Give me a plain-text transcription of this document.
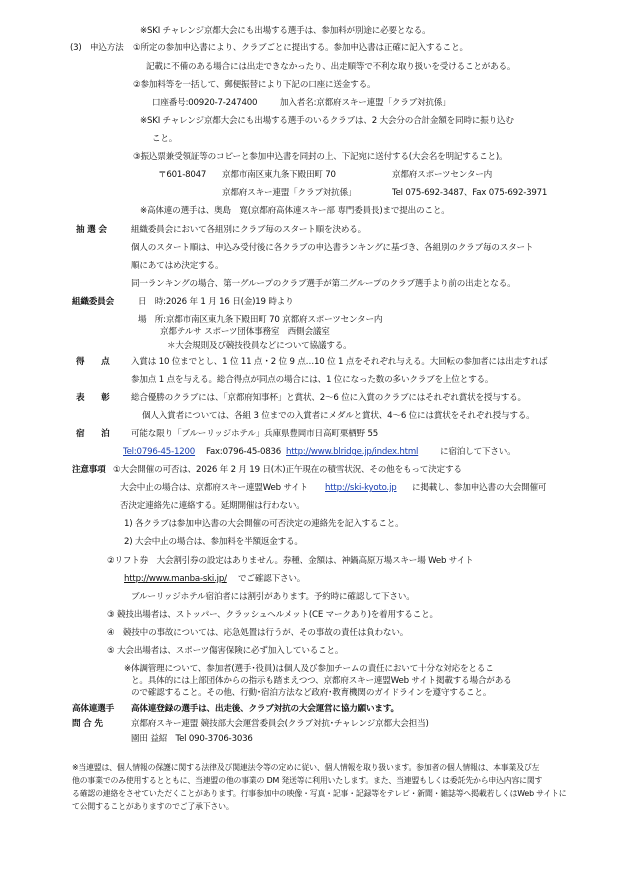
※SKI チャレンジ京都大会にも出場する選手は、参加料が別途に必要となる。
(3)　申込方法 ①所定の参加申込書により、クラブごとに提出する。参加申込書は正確に記入すること。
記載に不備のある場合には出走できなかったり、出走順等で不利な取り扱いを受けることがある。
②参加料等を一括して、郵便振替により下記の口座に送金する。
口座番号:00920-7-247400	加入者名:京都府スキー連盟「クラブ対抗係」
※SKI チャレンジ京都大会にも出場する選手のいるクラブは、2 大会分の合計金額を同時に振り込む
こと。
③振込票兼受領証等のコピーと参加申込書を同封の上、下記宛に送付する(大会名を明記すること)。
〒601-8047 京都市南区東九条下殿田町 70	京都府スポーツセンター内
京都府スキー連盟「クラブ対抗係」	Tel 075-692-3487、Fax 075-692-3971
※高体連の選手は、奥島　寛(京都府高体連スキー部 専門委員長)まで提出のこと。
抽 選 会	組織委員会において各組別にクラブ毎のスタート順を決める。
個人のスタート順は、申込み受付後に各クラブの申込書ランキングに基づき、各組別のクラブ毎のスタート
順にあてはめ決定する。
同一ランキングの場合、第一グループのクラブ選手が第二グループのクラブ選手より前の出走となる。
組織委員会	日　時:2026 年 1 月 16 日(金)19 時より
場　所:京都市南区東九条下殿田町 70 京都府スポーツセンター内
京都テルサ スポーツ団体事務室　西側会議室
＊大会規則及び競技役員などについて協議する。
得　　点 入賞は 10 位までとし、1 位 11 点・2 位 9 点…10 位 1 点をそれぞれ与える。大回転の参加者には出走すれば
参加点 1 点を与える。総合得点が同点の場合には、1 位になった数の多いクラブを上位とする。
表　　彰 総合優勝のクラブには、「京都府知事杯」と賞状、2～6 位に入賞のクラブにはそれぞれ賞状を授与する。
個人入賞者については、各組 3 位までの入賞者にメダルと賞状、4～6 位には賞状をそれぞれ授与する。
宿　　泊 可能な限り「ブルーリッジホテル」兵庫県豊岡市日高町栗栖野 55
Tel:0796-45-1200 Fax:0796-45-0836 http://www.blridge.jp/index.html	に宿泊して下さい。
注意事項 ①大会開催の可否は、2026 年 2 月 19 日(木)正午現在の積雪状況、その他をもって決定する
大会中止の場合は、京都府スキー連盟Web サイト http://ski-kyoto.jp に掲載し、参加申込書の大会開催可
否決定連絡先に連絡する。延期開催は行わない。
1) 各クラブは参加申込書の大会開催の可否決定の連絡先を記入すること。
2) 大会中止の場合は、参加料を半額返金する。
②リフト券　大会割引券の設定はありません。券種、金額は、神鍋高原万場スキー場 Web サイト
http://www.manba-ski.jp/ でご確認下さい。
ブルーリッジホテル宿泊者には割引があります。予約時に確認して下さい。
③ 競技出場者は、ストッパー、クラッシュヘルメット(CE マークあり)を着用すること。
④　競技中の事故については、応急処置は行うが、その事故の責任は負わない。
⑤ 大会出場者は、スポーツ傷害保険に必ず加入していること。
※体調管理について、参加者(選手･役員)は個人及び参加チームの責任において十分な対応をとるこ
と。具体的には上部団体からの指示も踏まえつつ、京都府スキー連盟Web サイト掲載する場合がある
ので確認すること。その他、行動･宿泊方法など政府･教育機関のガイドラインを遵守すること。
高体連選手 高体連登録の選手は、出走後、クラブ対抗の大会運営に協力願います。
問 合 先	京都府スキー連盟 競技部大会運営委員会(クラブ対抗･チャレンジ京都大会担当)
園田 益紹　Tel 090-3706-3036
※当連盟は、個人情報の保護に関する法律及び関連法令等の定めに従い、個人情報を取り扱います。参加者の個人情報は、本事業及び左
他の事業でのみ使用するとともに、当連盟の他の事業の DM 発送等に利用いたします。また、当連盟もしくは委託先から申込内容に関す
る確認の連絡をさせていただくことがあります。行事参加中の映像・写真・記事・記録等をテレビ・新聞・雑誌等へ掲載若しくはWeb サイトに
て公開することがありますのでご了承下さい。
